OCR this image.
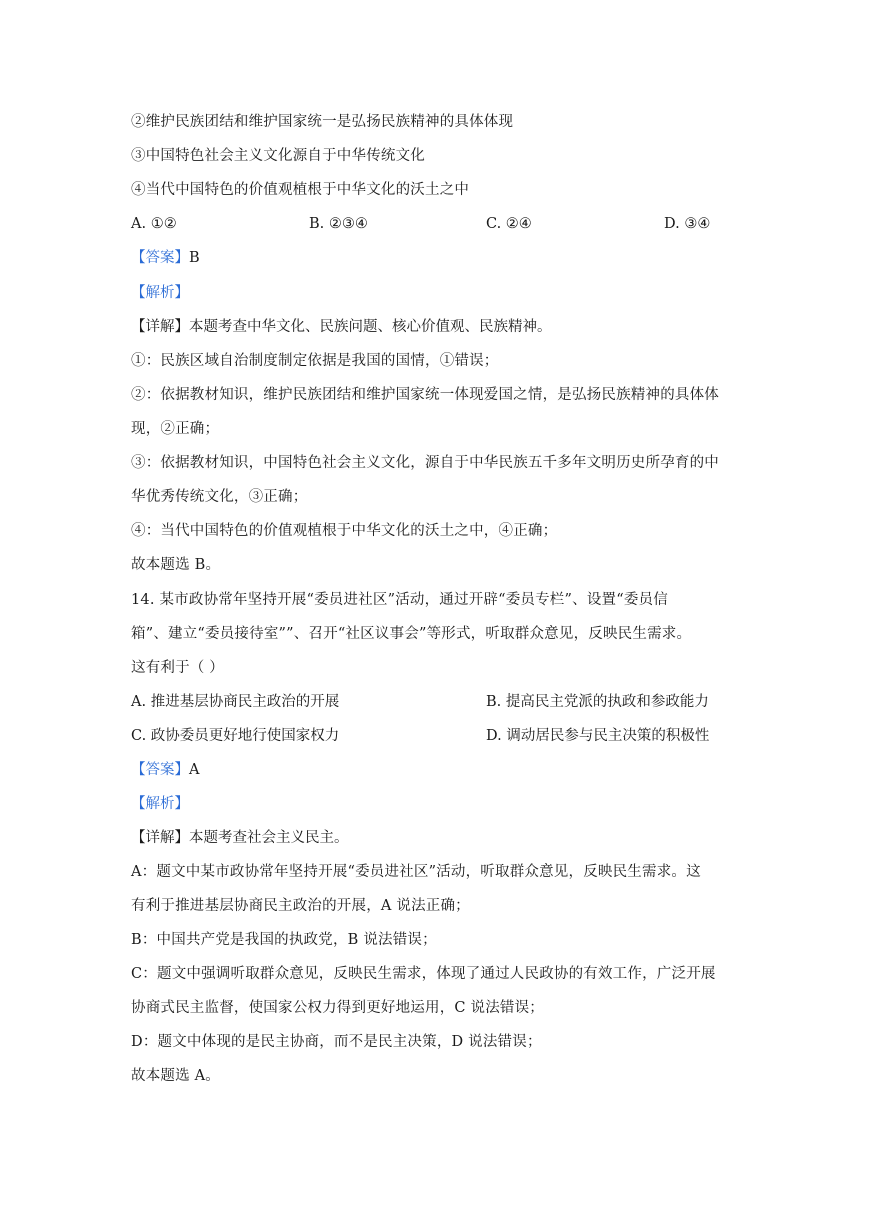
②维护民族团结和维护国家统一是弘扬民族精神的具体体现
③中国特色社会主义文化源自于中华传统文化
④当代中国特色的价值观植根于中华文化的沃土之中
A. ①②	B. ②③④	C. ②④	D. ③④
【答案】B
【解析】
【详解】本题考查中华文化、民族问题、核心价值观、民族精神。
①：民族区域自治制度制定依据是我国的国情，①错误；
②：依据教材知识，维护民族团结和维护国家统一体现爱国之情，是弘扬民族精神的具体体
现，②正确；
③：依据教材知识，中国特色社会主义文化，源自于中华民族五千多年文明历史所孕育的中
华优秀传统文化，③正确；
④：当代中国特色的价值观植根于中华文化的沃土之中，④正确；
故本题选 B。
14. 某市政协常年坚持开展“委员进社区”活动，通过开辟“委员专栏”、设置“委员信
箱”、建立“委员接待室””、召开“社区议事会”等形式，听取群众意见，反映民生需求。
这有利于（ ）
A. 推进基层协商民主政治的开展	B. 提高民主党派的执政和参政能力
C. 政协委员更好地行使国家权力	D. 调动居民参与民主决策的积极性
【答案】A
【解析】
【详解】本题考查社会主义民主。
A：题文中某市政协常年坚持开展“委员进社区”活动，听取群众意见，反映民生需求。这
有利于推进基层协商民主政治的开展，A 说法正确；
B：中国共产党是我国的执政党，B 说法错误；
C：题文中强调听取群众意见，反映民生需求，体现了通过人民政协的有效工作，广泛开展
协商式民主监督，使国家公权力得到更好地运用，C 说法错误；
D：题文中体现的是民主协商，而不是民主决策，D 说法错误；
故本题选 A。
